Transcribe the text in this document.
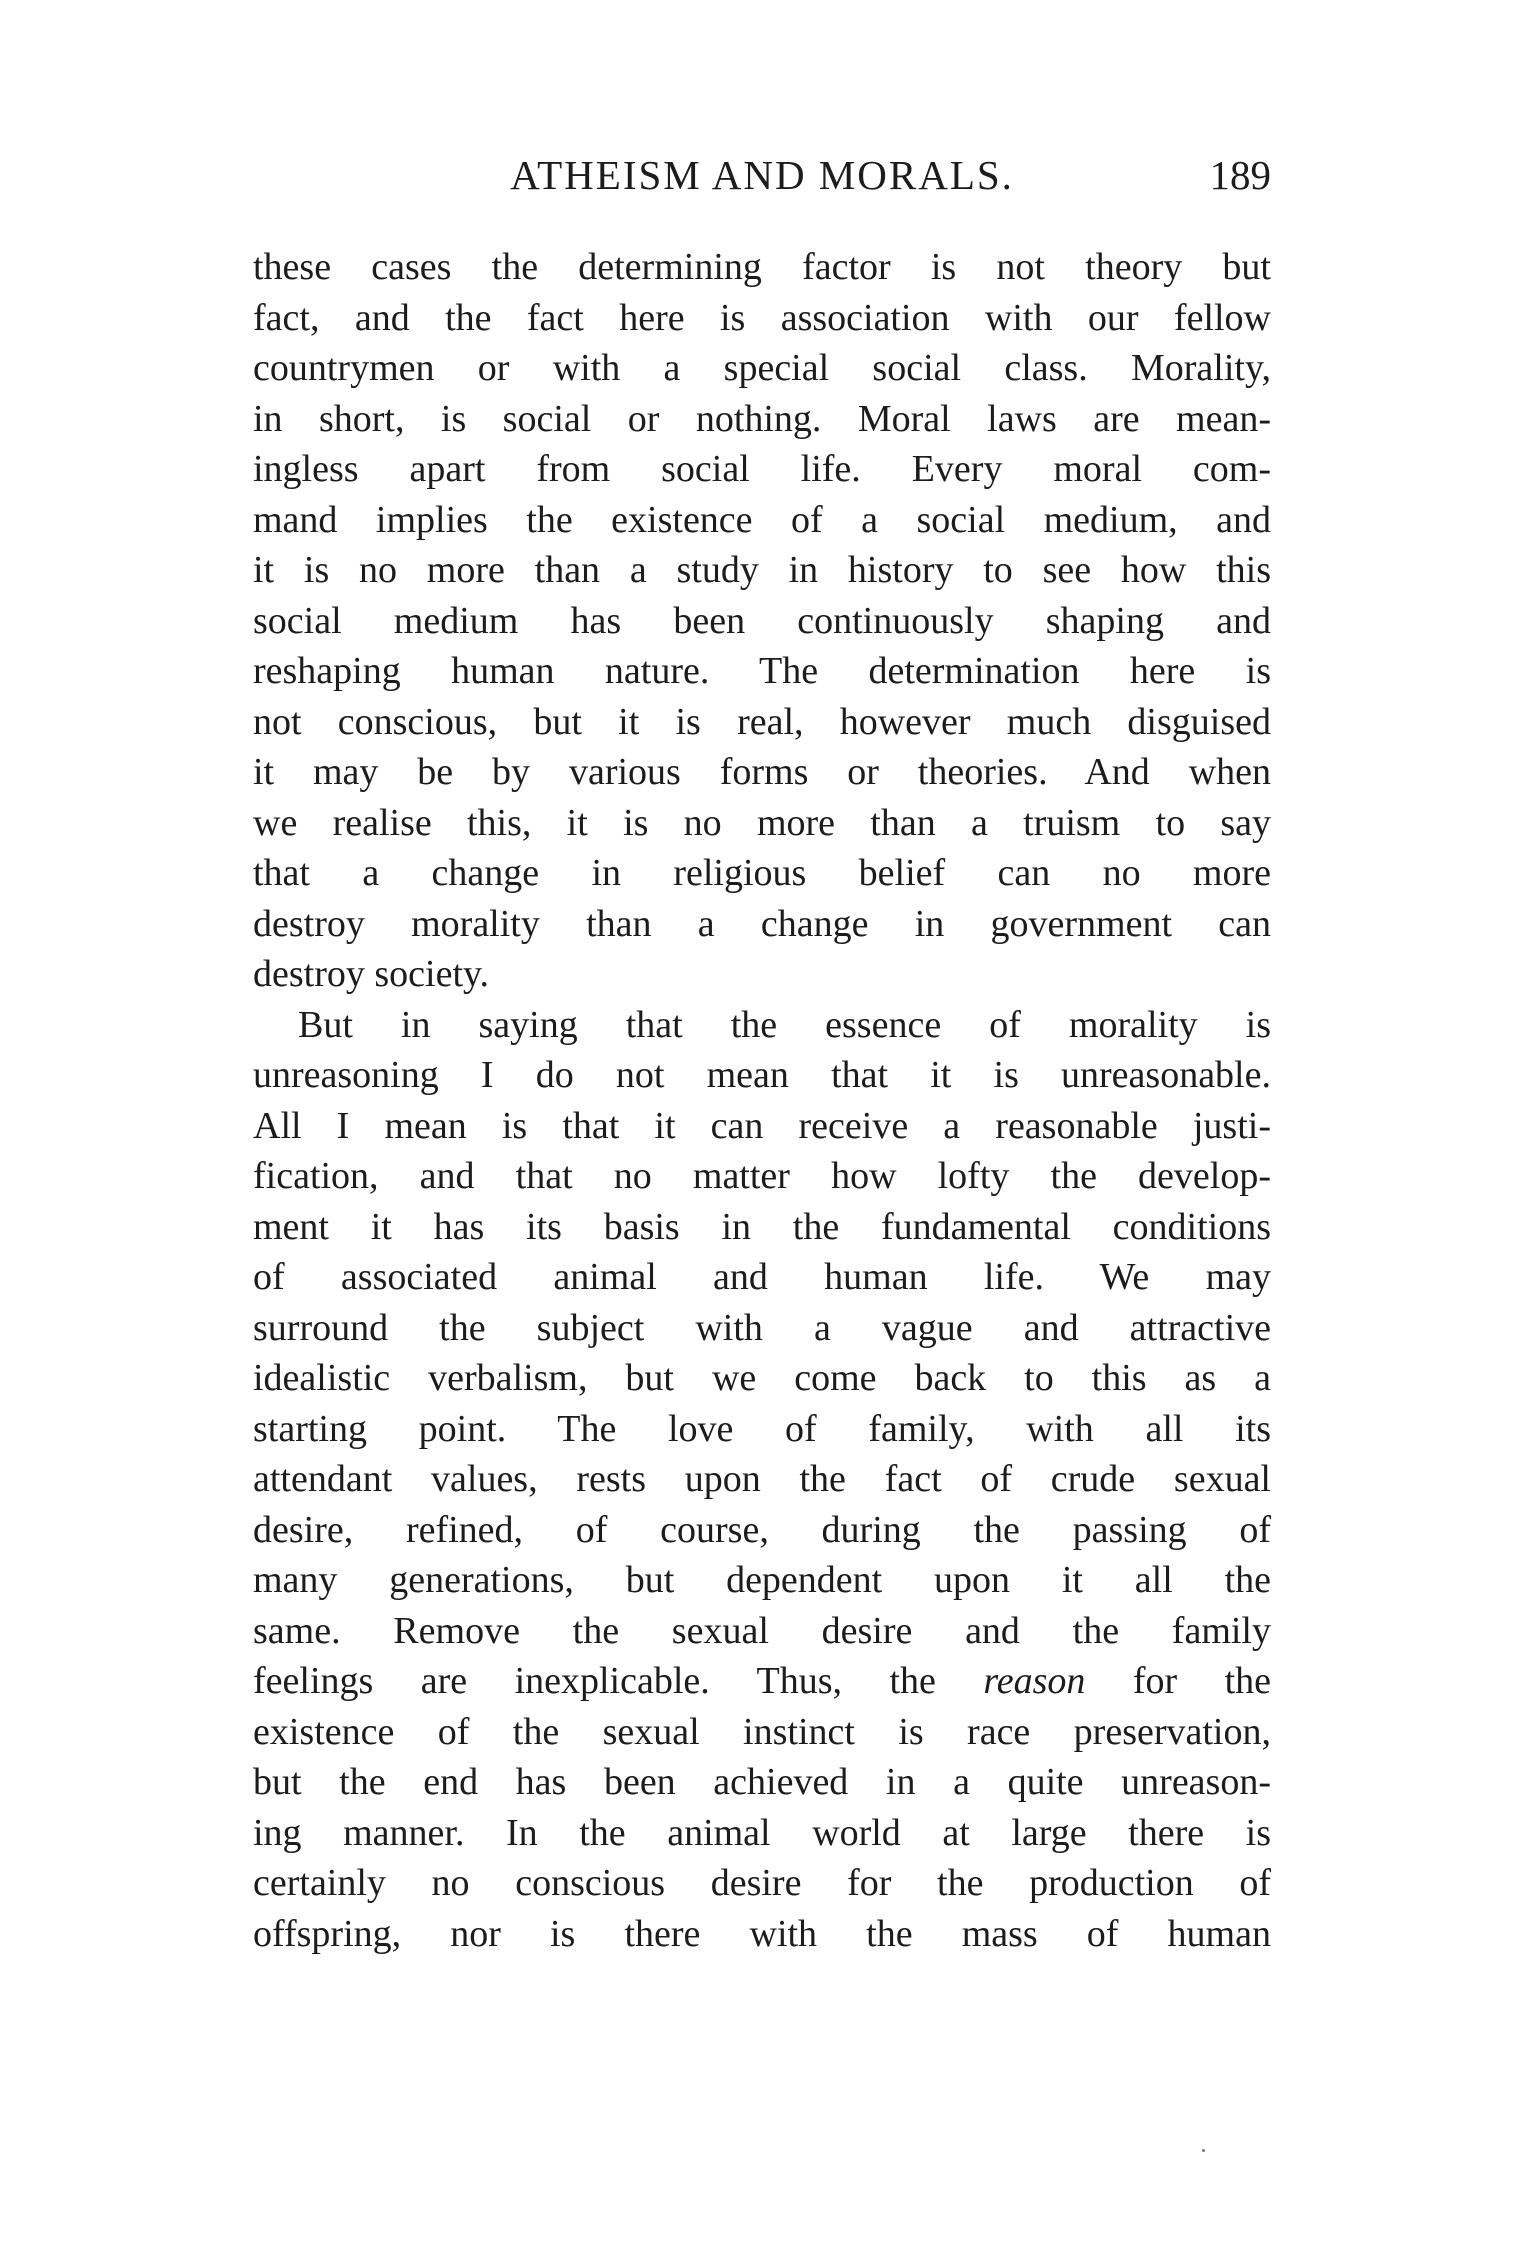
ATHEISM AND MORALS.	189
these cases the determining factor is not theory but
fact, and the fact here is association with our fellow
countrymen or with a special social class. Morality,
in short, is social or nothing. Moral laws are mean-
ingless apart from social life. Every moral com-
mand implies the existence of a social medium, and
it is no more than a study in history to see how this
social medium has been continuously shaping and
reshaping human nature. The determination here is
not conscious, but it is real, however much disguised
it may be by various forms or theories. And when
we realise this, it is no more than a truism to say
that a change in religious belief can no more
destroy morality than a change in government can
destroy society.
But in saying that the essence of morality is
unreasoning I do not mean that it is unreasonable.
All I mean is that it can receive a reasonable justi-
fication, and that no matter how lofty the develop-
ment it has its basis in the fundamental conditions
of associated animal and human life. We may
surround the subject with a vague and attractive
idealistic verbalism, but we come back to this as a
starting point. The love of family, with all its
attendant values, rests upon the fact of crude sexual
desire, refined, of course, during the passing of
many generations, but dependent upon it all the
same. Remove the sexual desire and the family
feelings are inexplicable. Thus, the reason for the
existence of the sexual instinct is race preservation,
but the end has been achieved in a quite unreason-
ing manner. In the animal world at large there is
certainly no conscious desire for the production of
offspring, nor is there with the mass of human
